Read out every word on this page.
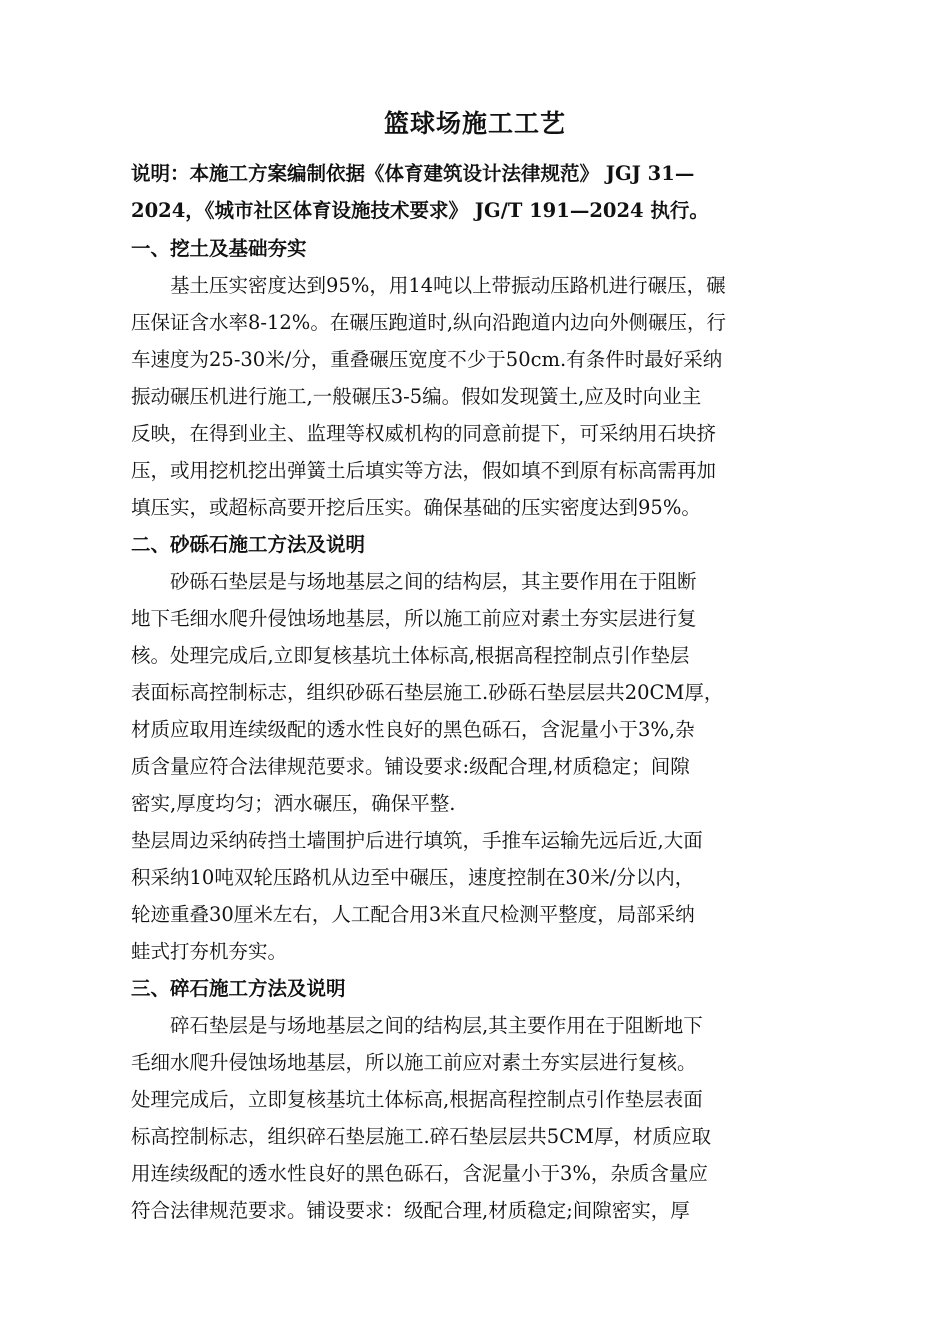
篮球场施工工艺
说明：本施工方案编制依据《体育建筑设计法律规范》 JGJ 31—
2024，《城市社区体育设施技术要求》 JG/T 191—2024 执行。
一、挖土及基础夯实
　　基土压实密度达到95%，用14吨以上带振动压路机进行碾压，碾
压保证含水率8-12%。在碾压跑道时,纵向沿跑道内边向外侧碾压，行
车速度为25-30米/分，重叠碾压宽度不少于50cm.有条件时最好采纳
振动碾压机进行施工,一般碾压3-5编。假如发现簧土,应及时向业主
反映，在得到业主、监理等权威机构的同意前提下，可采纳用石块挤
压，或用挖机挖出弹簧土后填实等方法，假如填不到原有标高需再加
填压实，或超标高要开挖后压实。确保基础的压实密度达到95%。
二、砂砾石施工方法及说明
　　砂砾石垫层是与场地基层之间的结构层，其主要作用在于阻断
地下毛细水爬升侵蚀场地基层，所以施工前应对素土夯实层进行复
核。处理完成后,立即复核基坑土体标高,根据高程控制点引作垫层
表面标高控制标志，组织砂砾石垫层施工.砂砾石垫层层共20CM厚，
材质应取用连续级配的透水性良好的黑色砾石，含泥量小于3%,杂
质含量应符合法律规范要求。铺设要求:级配合理,材质稳定；间隙
密实,厚度均匀；洒水碾压，确保平整.
垫层周边采纳砖挡土墙围护后进行填筑，手推车运输先远后近,大面
积采纳10吨双轮压路机从边至中碾压，速度控制在30米/分以内，
轮迹重叠30厘米左右，人工配合用3米直尺检测平整度，局部采纳
蛙式打夯机夯实。
三、碎石施工方法及说明
　　碎石垫层是与场地基层之间的结构层,其主要作用在于阻断地下
毛细水爬升侵蚀场地基层，所以施工前应对素土夯实层进行复核。
处理完成后，立即复核基坑土体标高,根据高程控制点引作垫层表面
标高控制标志，组织碎石垫层施工.碎石垫层层共5CM厚，材质应取
用连续级配的透水性良好的黑色砾石，含泥量小于3%，杂质含量应
符合法律规范要求。铺设要求：级配合理,材质稳定;间隙密实，厚
